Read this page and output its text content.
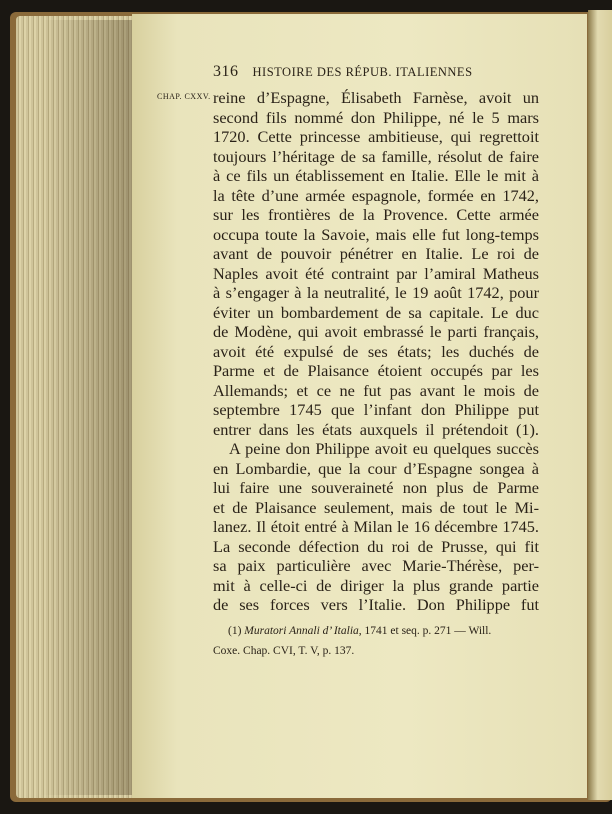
316 HISTOIRE DES RÉPUB. ITALIENNES
CHAP. CXXV. reine d’Espagne, Élisabeth Farnèse, avoit un
second fils nommé don Philippe, né le 5 mars
1720. Cette princesse ambitieuse, qui regrettoit
toujours l’héritage de sa famille, résolut de faire
à ce fils un établissement en Italie. Elle le mit à
la tête d’une armée espagnole, formée en 1742,
sur les frontières de la Provence. Cette armée
occupa toute la Savoie, mais elle fut long-temps
avant de pouvoir pénétrer en Italie. Le roi de
Naples avoit été contraint par l’amiral Matheus
à s’engager à la neutralité, le 19 août 1742, pour
éviter un bombardement de sa capitale. Le duc
de Modène, qui avoit embrassé le parti français,
avoit été expulsé de ses états; les duchés de
Parme et de Plaisance étoient occupés par les
Allemands; et ce ne fut pas avant le mois de
septembre 1745 que l’infant don Philippe put
entrer dans les états auxquels il prétendoit (1).
A peine don Philippe avoit eu quelques succès
en Lombardie, que la cour d’Espagne songea à
lui faire une souveraineté non plus de Parme
et de Plaisance seulement, mais de tout le Mi-
lanez. Il étoit entré à Milan le 16 décembre 1745.
La seconde défection du roi de Prusse, qui fit
sa paix particulière avec Marie-Thérèse, per-
mit à celle-ci de diriger la plus grande partie
de ses forces vers l’Italie. Don Philippe fut
(1) Muratori Annali d’ Italia, 1741 et seq. p. 271 — Will.
Coxe. Chap. CVI, T. V, p. 137.
